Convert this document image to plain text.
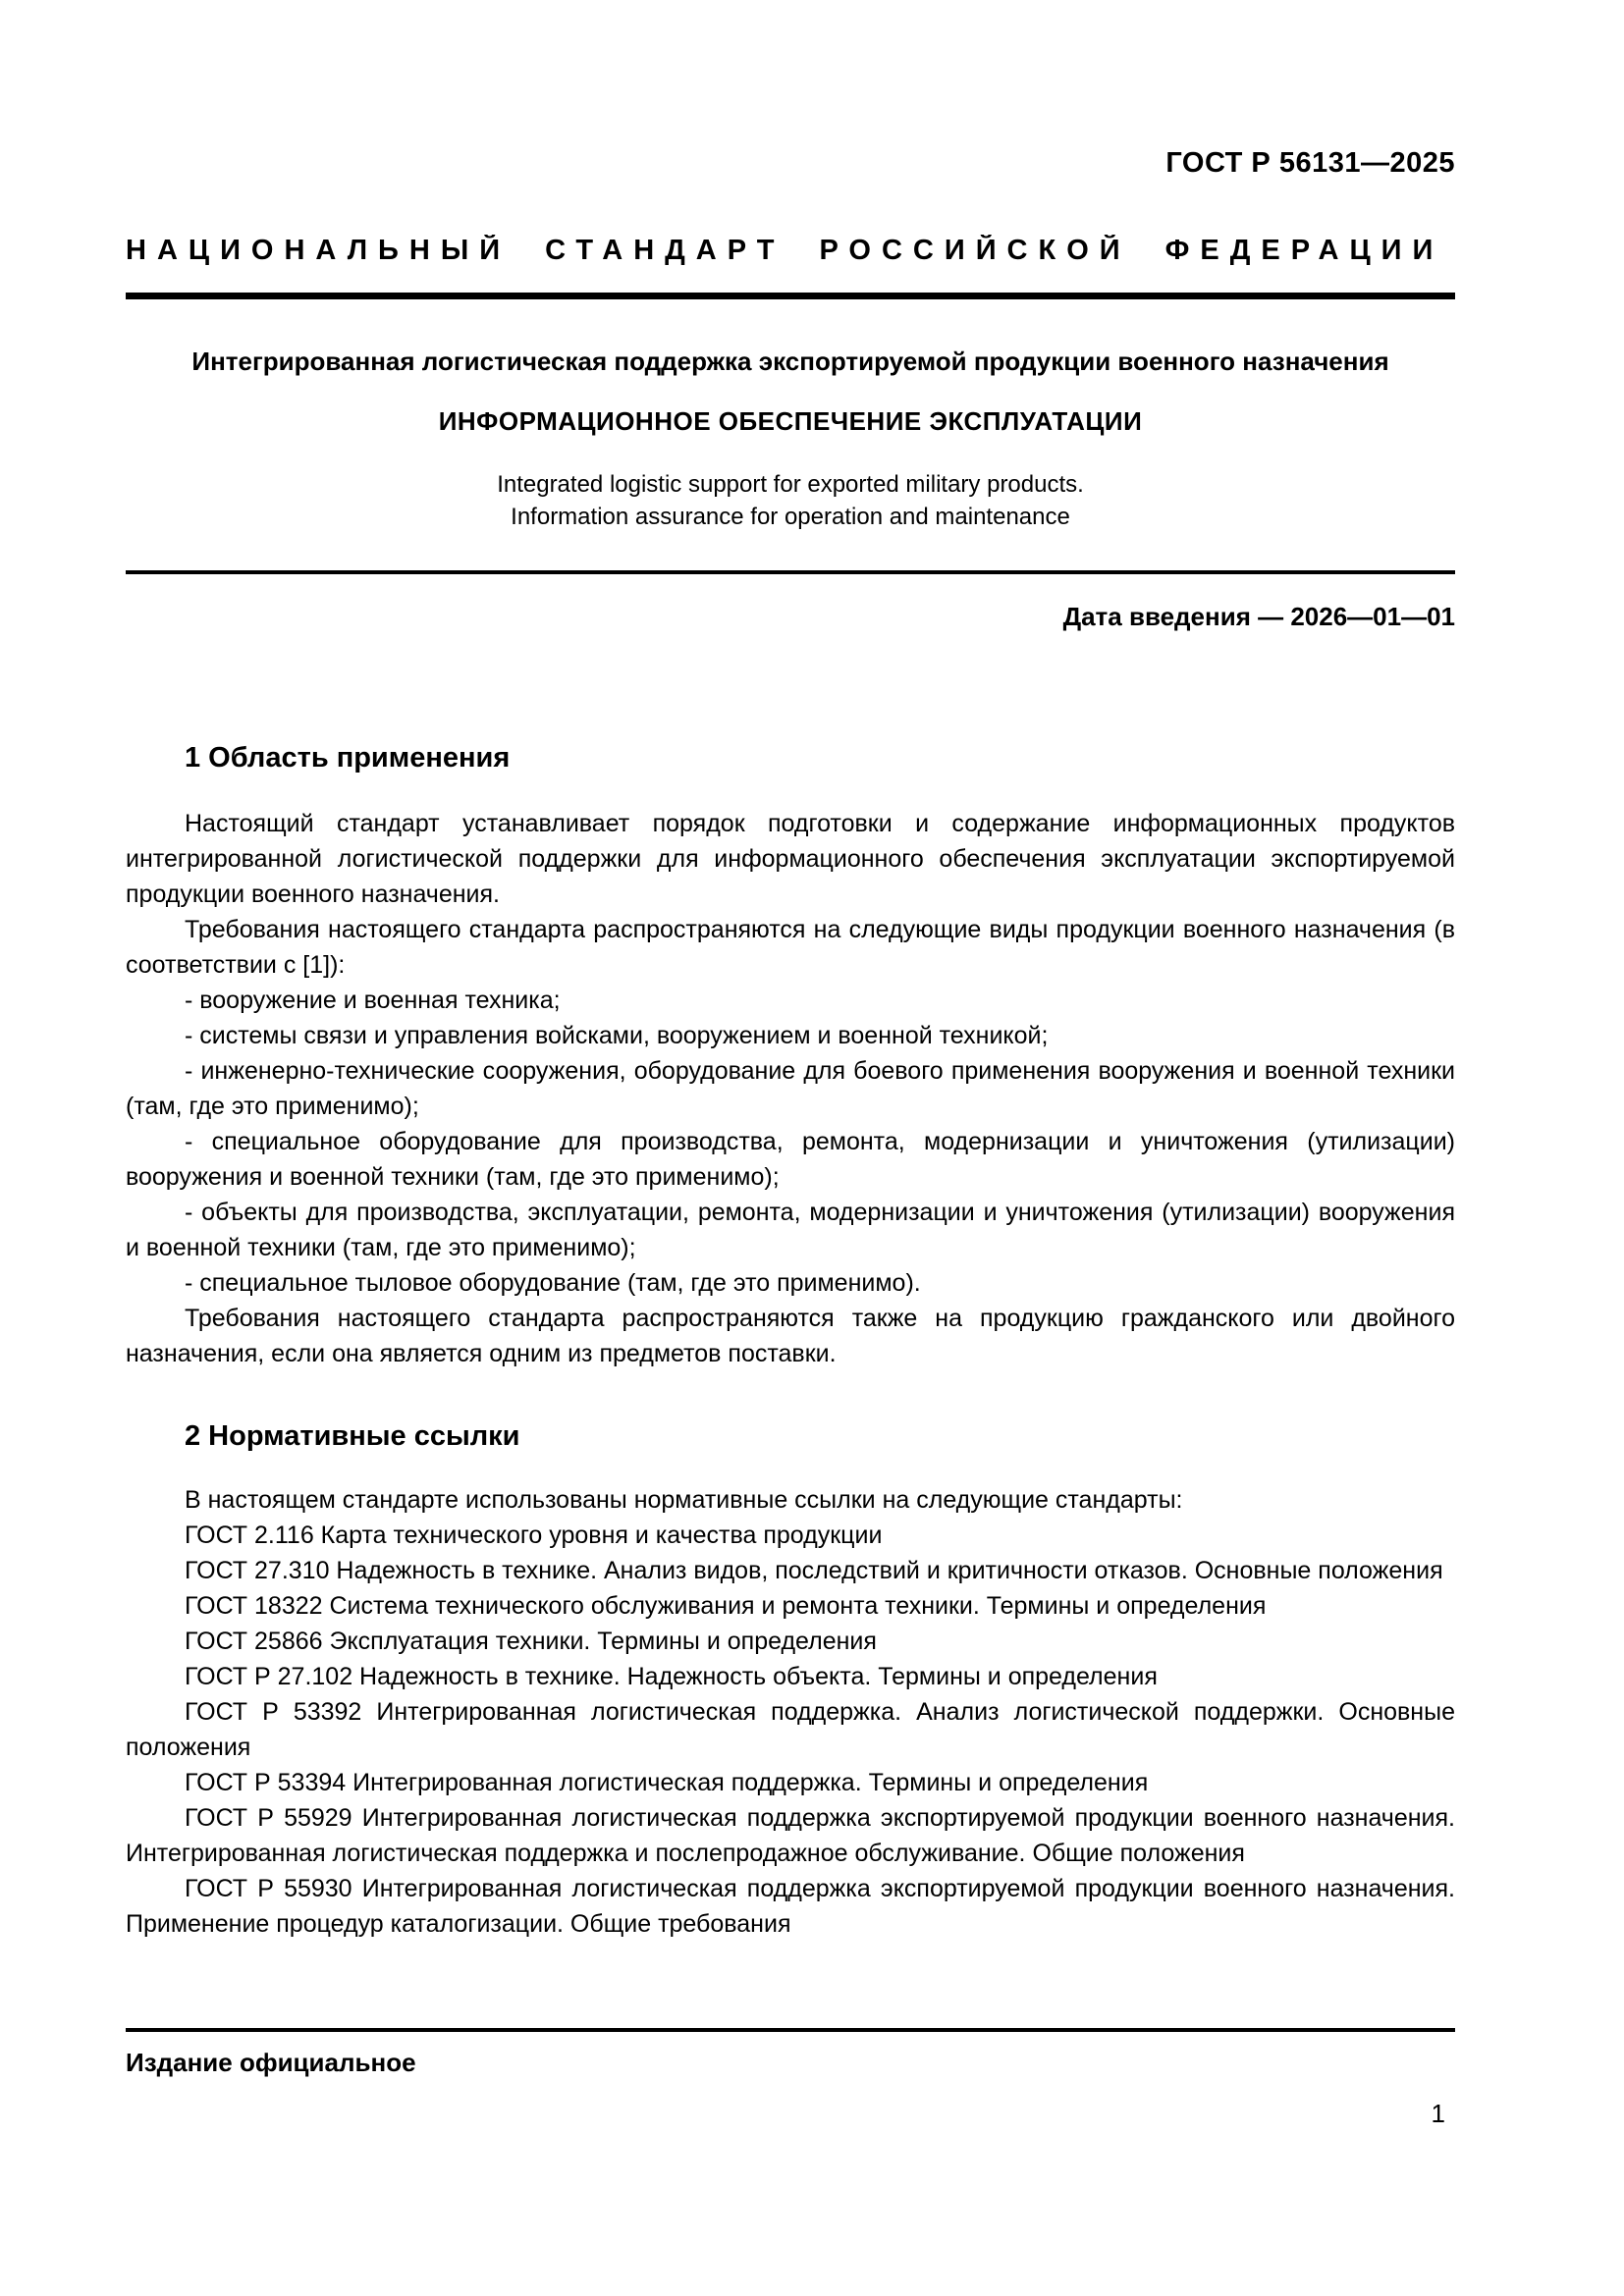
ГОСТ Р 56131—2025
НАЦИОНАЛЬНЫЙ СТАНДАРТ РОССИЙСКОЙ ФЕДЕРАЦИИ
Интегрированная логистическая поддержка экспортируемой продукции военного назначения
ИНФОРМАЦИОННОЕ ОБЕСПЕЧЕНИЕ ЭКСПЛУАТАЦИИ
Integrated logistic support for exported military products.
Information assurance for operation and maintenance
Дата введения — 2026—01—01
1 Область применения

Настоящий стандарт устанавливает порядок подготовки и содержание информационных продуктов интегрированной логистической поддержки для информационного обеспечения эксплуатации экспортируемой продукции военного назначения.

Требования настоящего стандарта распространяются на следующие виды продукции военного назначения (в соответствии с [1]):

- вооружение и военная техника;

- системы связи и управления войсками, вооружением и военной техникой;

- инженерно-технические сооружения, оборудование для боевого применения вооружения и военной техники (там, где это применимо);

- специальное оборудование для производства, ремонта, модернизации и уничтожения (утилизации) вооружения и военной техники (там, где это применимо);

- объекты для производства, эксплуатации, ремонта, модернизации и уничтожения (утилизации) вооружения и военной техники (там, где это применимо);

- специальное тыловое оборудование (там, где это применимо).

Требования настоящего стандарта распространяются также на продукцию гражданского или двойного назначения, если она является одним из предметов поставки.

2 Нормативные ссылки

В настоящем стандарте использованы нормативные ссылки на следующие стандарты:

ГОСТ 2.116 Карта технического уровня и качества продукции

ГОСТ 27.310 Надежность в технике. Анализ видов, последствий и критичности отказов. Основные положения

ГОСТ 18322 Система технического обслуживания и ремонта техники. Термины и определения

ГОСТ 25866 Эксплуатация техники. Термины и определения

ГОСТ Р 27.102 Надежность в технике. Надежность объекта. Термины и определения

ГОСТ Р 53392 Интегрированная логистическая поддержка. Анализ логистической поддержки. Основные положения

ГОСТ Р 53394 Интегрированная логистическая поддержка. Термины и определения

ГОСТ Р 55929 Интегрированная логистическая поддержка экспортируемой продукции военного назначения. Интегрированная логистическая поддержка и послепродажное обслуживание. Общие положения

ГОСТ Р 55930 Интегрированная логистическая поддержка экспортируемой продукции военного назначения. Применение процедур каталогизации. Общие требования

Издание официальное
1
